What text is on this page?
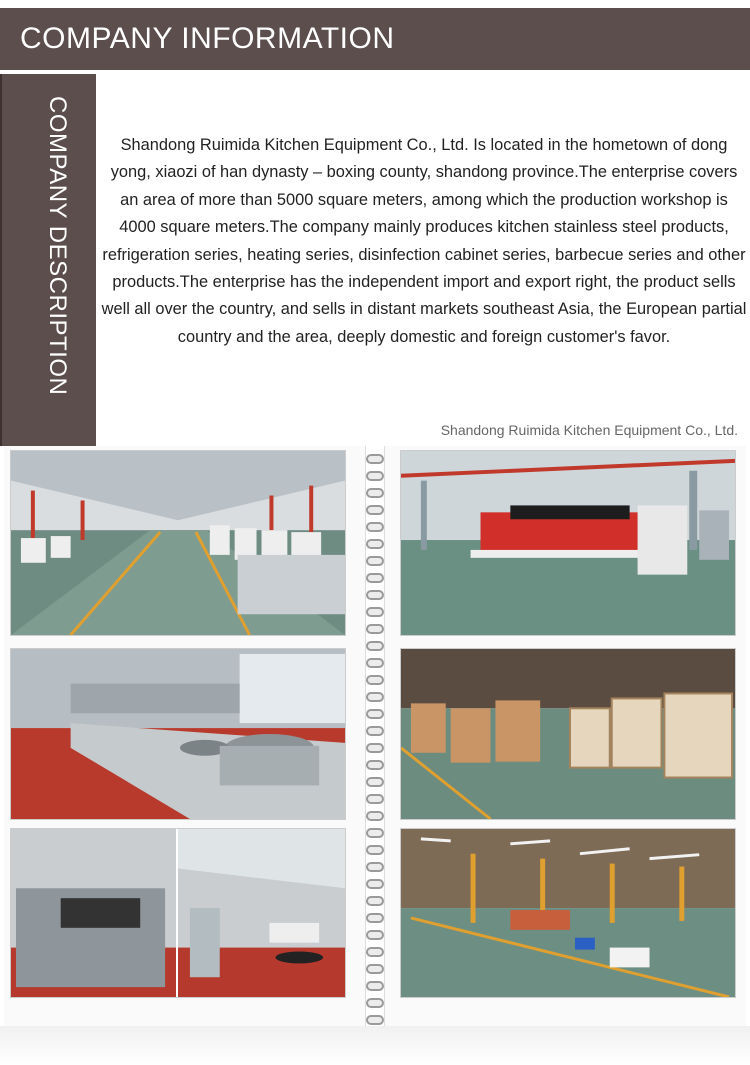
COMPANY INFORMATION
COMPANY DESCRIPTION	Shandong Ruimida Kitchen Equipment Co., Ltd. Is located in the hometown of dong yong, xiaozi of han dynasty – boxing county, shandong province.The enterprise covers an area of more than 5000 square meters, among which the production workshop is 4000 square meters.The company mainly produces kitchen stainless steel products, refrigeration series, heating series, disinfection cabinet series, barbecue series and other products.The enterprise has the independent import and export right, the product sells well all over the country, and sells in distant markets southeast Asia, the European partial country and the area, deeply domestic and foreign customer's favor.
Shandong Ruimida Kitchen Equipment Co., Ltd.
